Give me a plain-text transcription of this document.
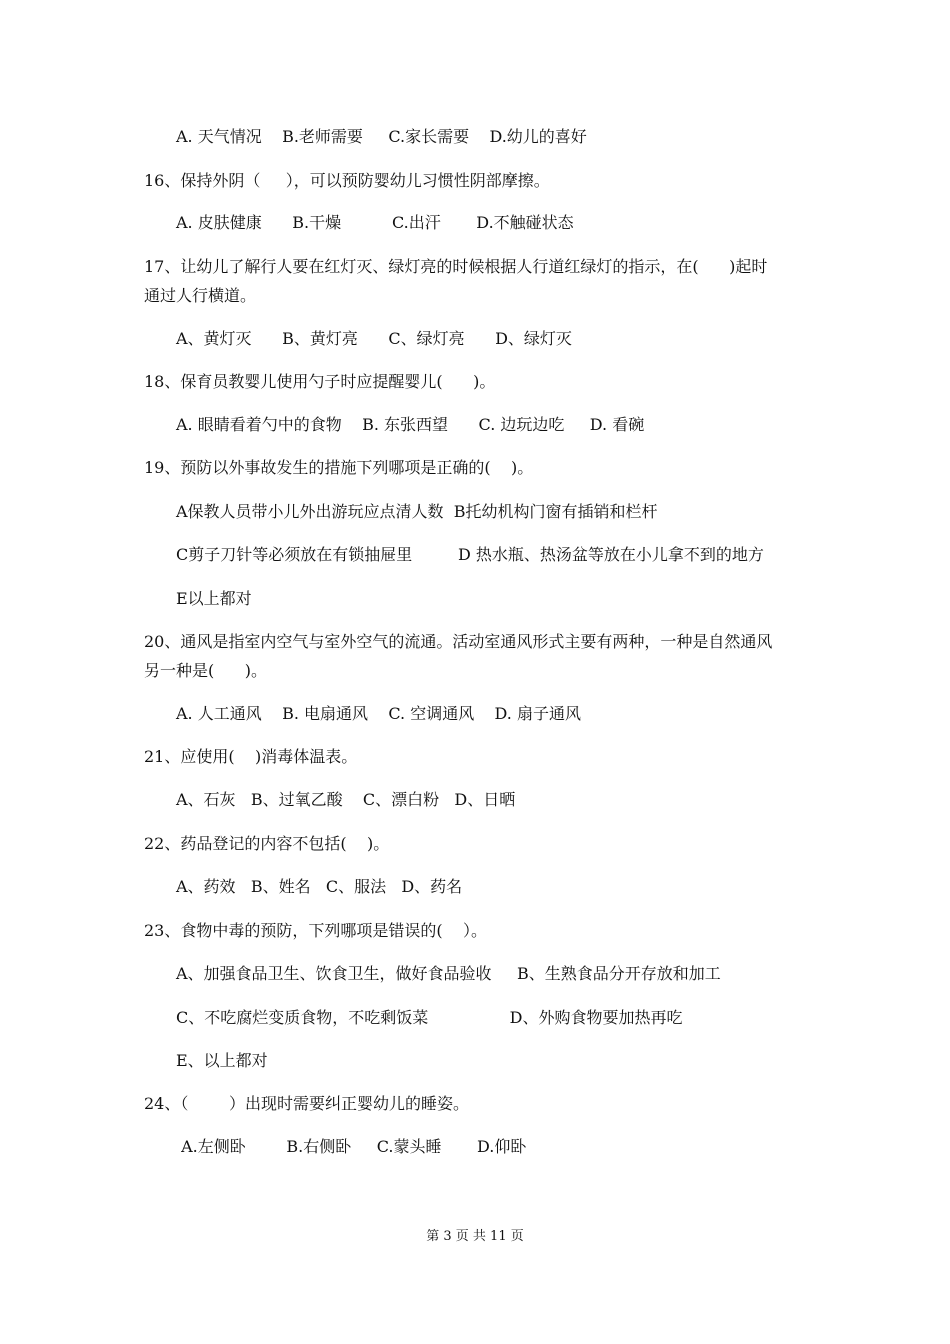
A. 天气情况    B.老师需要     C.家长需要    D.幼儿的喜好
16、保持外阴（     ），可以预防婴幼儿习惯性阴部摩擦。
A. 皮肤健康      B.干燥          C.出汗       D.不触碰状态
17、让幼儿了解行人要在红灯灭、绿灯亮的时候根据人行道红绿灯的指示，在(      )起时
通过人行横道。
A、黄灯灭      B、黄灯亮      C、绿灯亮      D、绿灯灭
18、保育员教婴儿使用勺子时应提醒婴儿(      )。
A. 眼睛看着勺中的食物    B. 东张西望      C. 边玩边吃     D. 看碗
19、预防以外事故发生的措施下列哪项是正确的(    )。
A保教人员带小儿外出游玩应点清人数  B托幼机构门窗有插销和栏杆
C剪子刀针等必须放在有锁抽屉里         D 热水瓶、热汤盆等放在小儿拿不到的地方
E以上都对
20、通风是指室内空气与室外空气的流通。活动室通风形式主要有两种，一种是自然通风
另一种是(      )。
A. 人工通风    B. 电扇通风    C. 空调通风    D. 扇子通风
21、应使用(    )消毒体温表。
A、石灰   B、过氧乙酸    C、漂白粉   D、日晒
22、药品登记的内容不包括(    )。
A、药效   B、姓名   C、服法   D、药名
23、食物中毒的预防，下列哪项是错误的(    ）。
A、加强食品卫生、饮食卫生，做好食品验收     B、生熟食品分开存放和加工
C、不吃腐烂变质食物，不吃剩饭菜                D、外购食物要加热再吃
E、以上都对
24、（        ）出现时需要纠正婴幼儿的睡姿。
A.左侧卧        B.右侧卧     C.蒙头睡       D.仰卧
第 3 页 共 11 页
